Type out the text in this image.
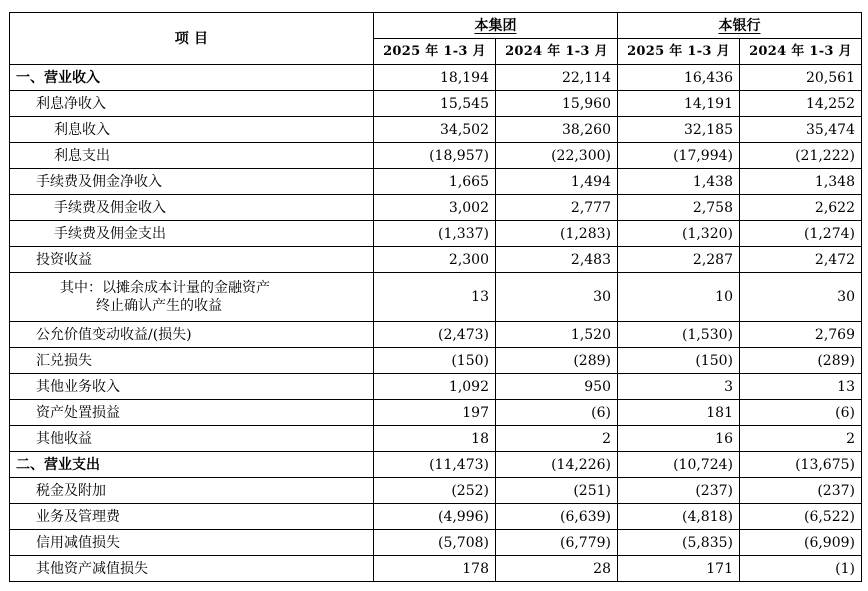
项 目	本集团		本银行	
	2025 年 1-3 月	2024 年 1-3 月	2025 年 1-3 月	2024 年 1-3 月
一、营业收入	18,194	22,114	16,436	20,561
利息净收入	15,545	15,960	14,191	14,252
利息收入	34,502	38,260	32,185	35,474
利息支出	(18,957)	(22,300)	(17,994)	(21,222)
手续费及佣金净收入	1,665	1,494	1,438	1,348
手续费及佣金收入	3,002	2,777	2,758	2,622
手续费及佣金支出	(1,337)	(1,283)	(1,320)	(1,274)
投资收益	2,300	2,483	2,287	2,472

其中：以摊余成本计量的金融资产
终止确认产生的收益	13	30	10	30
公允价值变动收益/(损失)	(2,473)	1,520	(1,530)	2,769
汇兑损失	(150)	(289)	(150)	(289)
其他业务收入	1,092	950	3	13
资产处置损益	197	(6)	181	(6)
其他收益	18	2	16	2
二、营业支出	(11,473)	(14,226)	(10,724)	(13,675)
税金及附加	(252)	(251)	(237)	(237)
业务及管理费	(4,996)	(6,639)	(4,818)	(6,522)
信用减值损失	(5,708)	(6,779)	(5,835)	(6,909)
其他资产减值损失	178	28	171	(1)
